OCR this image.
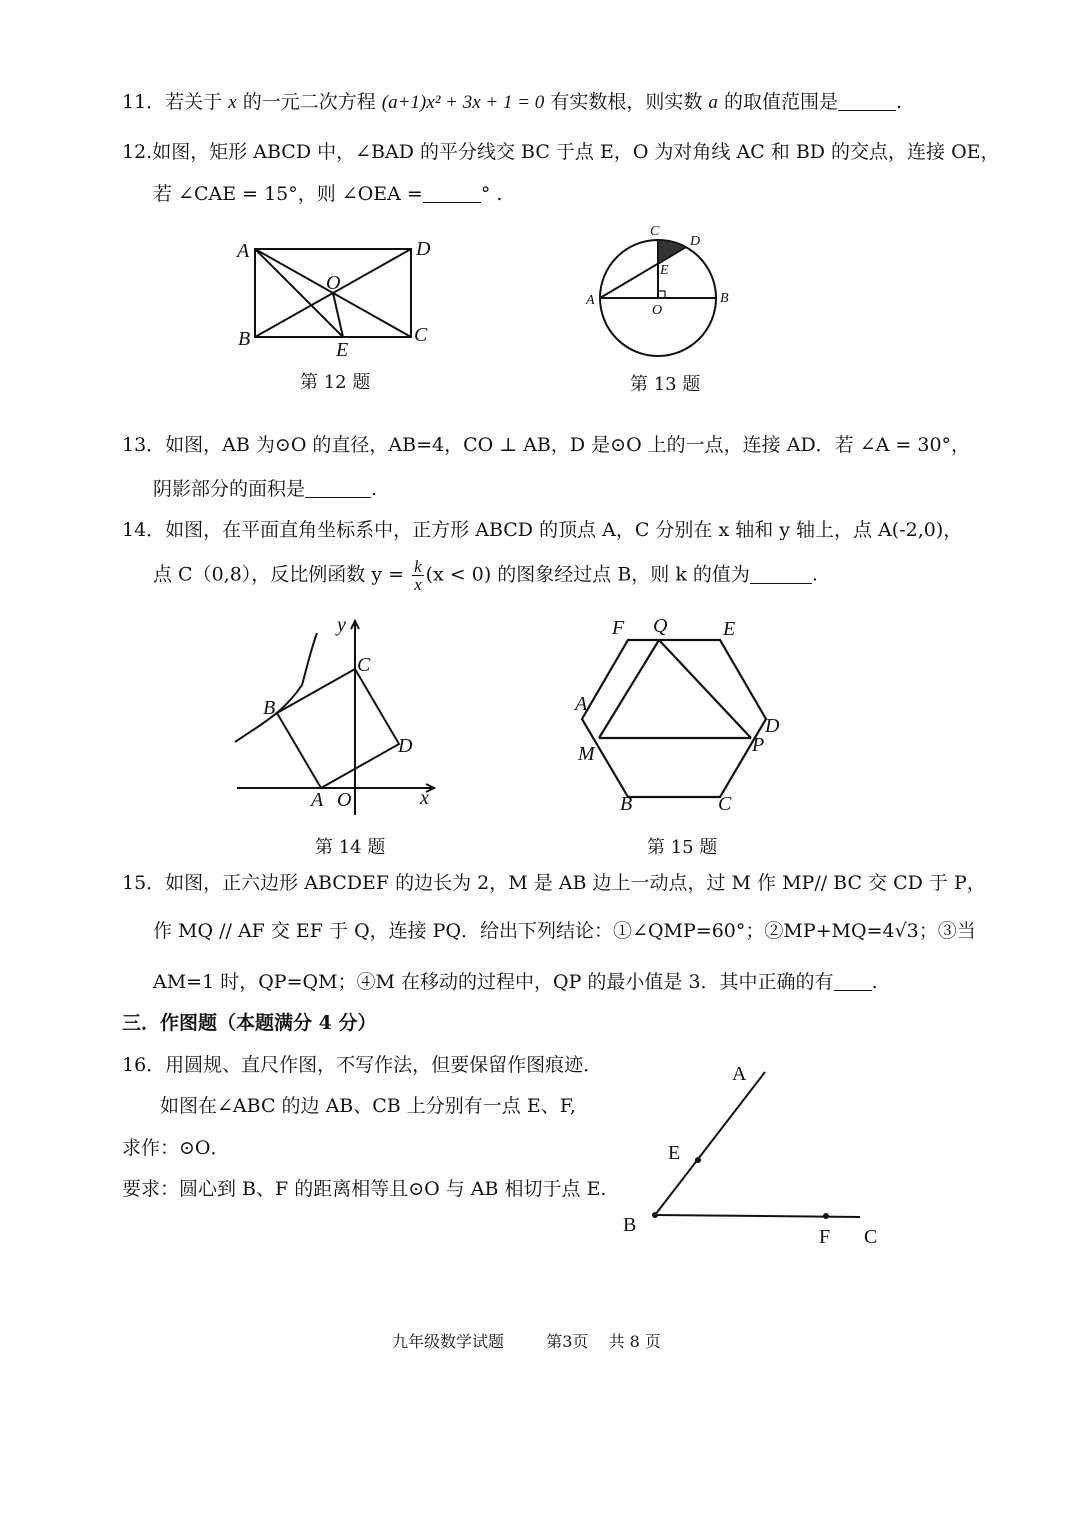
11．若关于 x 的一元二次方程 (a+1)x² + 3x + 1 = 0 有实数根，则实数 a 的取值范围是	.
12.如图，矩形 ABCD 中，∠BAD 的平分线交 BC 于点 E，O 为对角线 AC 和 BD 的交点，连接 OE，
若 ∠CAE = 15°，则 ∠OEA =	° .
A	D
B	C
O
E
第 12 题
A	B
C
D
O
E
第 13 题
13．如图，AB 为⊙O 的直径，AB=4，CO ⊥ AB，D 是⊙O 上的一点，连接 AD．若 ∠A = 30°，
阴影部分的面积是	.
14．如图，在平面直角坐标系中，正方形 ABCD 的顶点 A，C 分别在 x 轴和 y 轴上，点 A(-2,0)，
点 C（0,8），反比例函数 $y = \frac{k}{x} (x < 0)$ 的图象经过点 B，则 k 的值为	.
A O	x
y
B
C
D
第 14 题
F Q	E
A
D
M	P
B	C
第 15 题
15．如图，正六边形 ABCDEF 的边长为 2，M 是 AB 边上一动点，过 M 作 MP// BC 交 CD 于 P，
作 MQ // AF 交 EF 于 Q，连接 PQ．给出下列结论：①∠QMP=60°；②MP+MQ=4√3；③当
AM=1 时，QP=QM；④M 在移动的过程中，QP 的最小值是 3．其中正确的有 .
三．作图题（本题满分 4 分）
16．用圆规、直尺作图，不写作法，但要保留作图痕迹．
如图在∠ABC 的边 AB、CB 上分别有一点 E、F,
求作：⊙O．
要求：圆心到 B、F 的距离相等且⊙O 与 AB 相切于点 E.
A
E
B
F C
九年级数学试题	第3页 共 8 页
